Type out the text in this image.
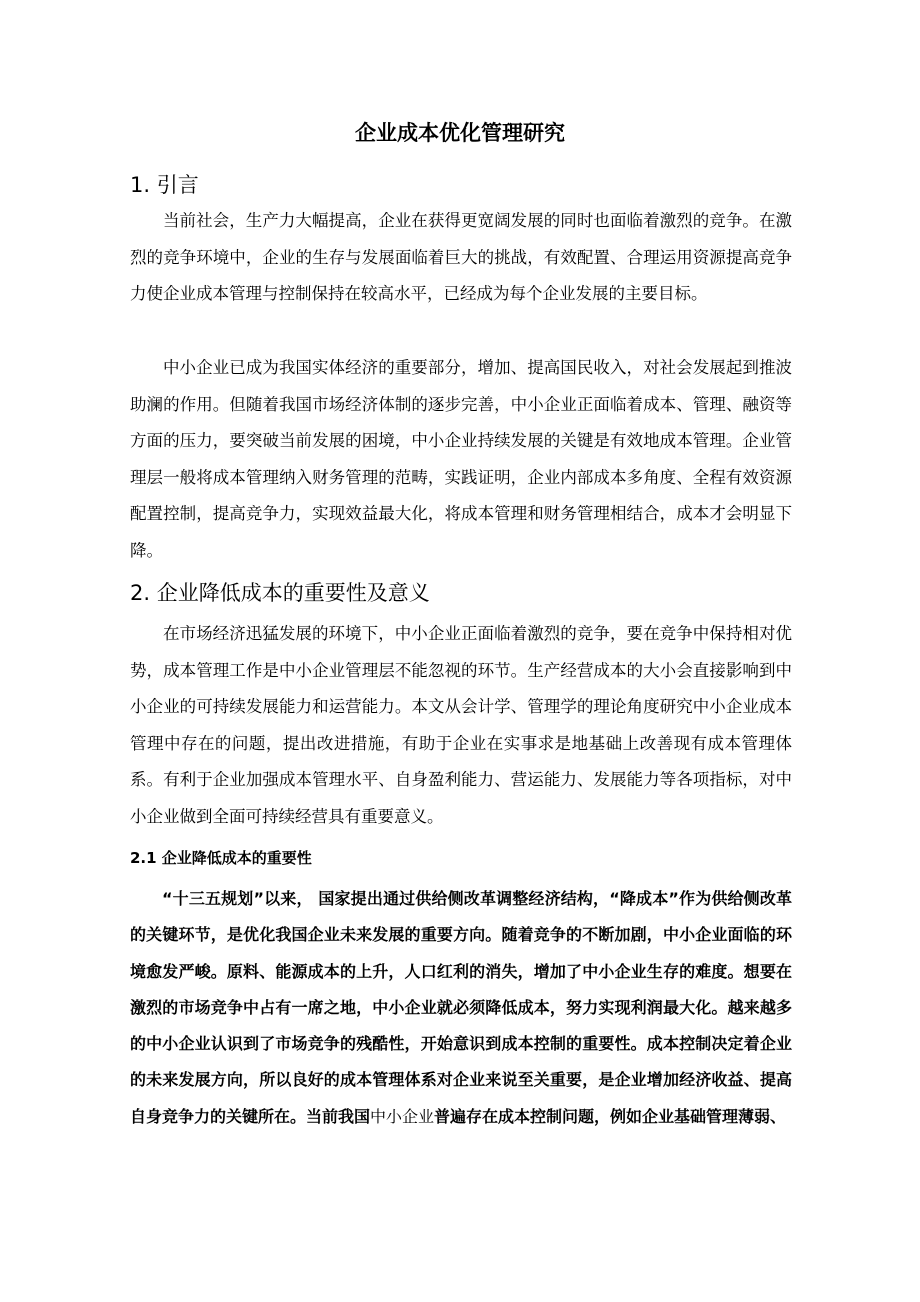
企业成本优化管理研究
1. 引言
当前社会，生产力大幅提高，企业在获得更宽阔发展的同时也面临着激烈的竞争。在激烈的竞争环境中，企业的生存与发展面临着巨大的挑战，有效配置、合理运用资源提高竞争力使企业成本管理与控制保持在较高水平，已经成为每个企业发展的主要目标。
中小企业已成为我国实体经济的重要部分，增加、提高国民收入，对社会发展起到推波助澜的作用。但随着我国市场经济体制的逐步完善，中小企业正面临着成本、管理、融资等方面的压力，要突破当前发展的困境，中小企业持续发展的关键是有效地成本管理。企业管理层一般将成本管理纳入财务管理的范畴，实践证明，企业内部成本多角度、全程有效资源配置控制，提高竞争力，实现效益最大化，将成本管理和财务管理相结合，成本才会明显下降。
2. 企业降低成本的重要性及意义
在市场经济迅猛发展的环境下，中小企业正面临着激烈的竞争，要在竞争中保持相对优势，成本管理工作是中小企业管理层不能忽视的环节。生产经营成本的大小会直接影响到中小企业的可持续发展能力和运营能力。本文从会计学、管理学的理论角度研究中小企业成本管理中存在的问题，提出改进措施，有助于企业在实事求是地基础上改善现有成本管理体系。有利于企业加强成本管理水平、自身盈利能力、营运能力、发展能力等各项指标，对中小企业做到全面可持续经营具有重要意义。
2.1 企业降低成本的重要性
“十三五规划”以来， 国家提出通过供给侧改革调整经济结构，“降成本”作为供给侧改革的关键环节，是优化我国企业未来发展的重要方向。随着竞争的不断加剧，中小企业面临的环境愈发严峻。原料、能源成本的上升，人口红利的消失，增加了中小企业生存的难度。想要在激烈的市场竞争中占有一席之地，中小企业就必须降低成本，努力实现利润最大化。越来越多的中小企业认识到了市场竞争的残酷性，开始意识到成本控制的重要性。成本控制决定着企业的未来发展方向，所以良好的成本管理体系对企业来说至关重要，是企业增加经济收益、提高自身竞争力的关键所在。当前我国中小企业普遍存在成本控制问题，例如企业基础管理薄弱、
